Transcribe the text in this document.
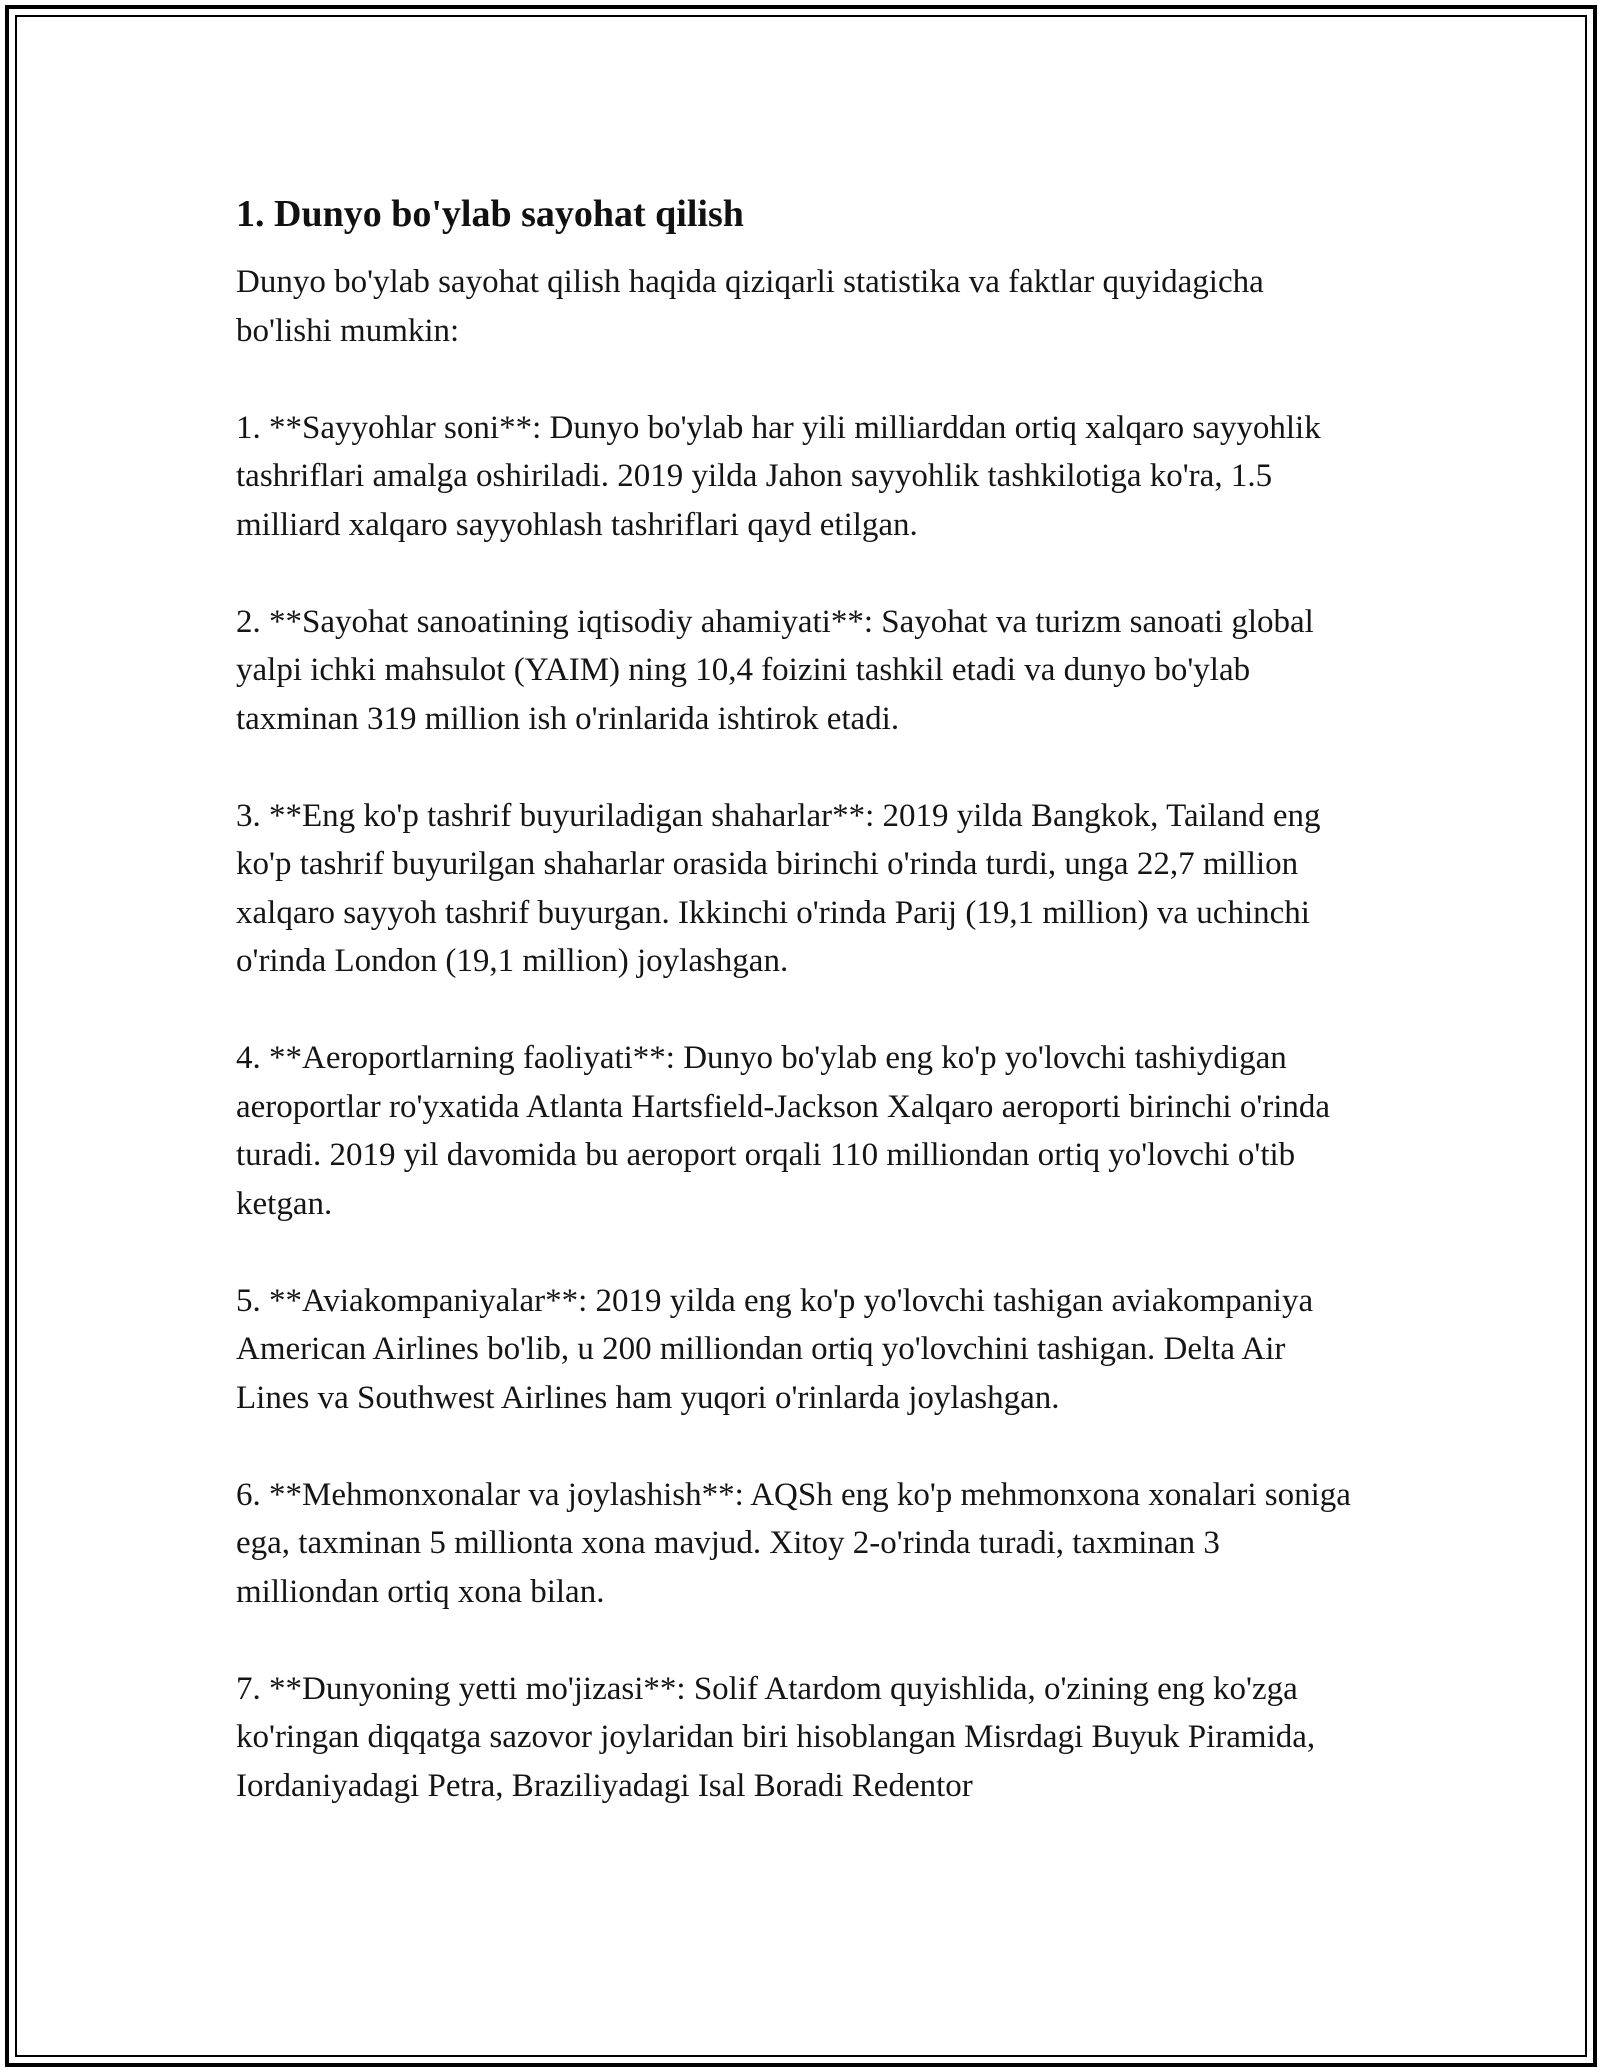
1. Dunyo bo'ylab sayohat qilish

Dunyo bo'ylab sayohat qilish haqida qiziqarli statistika va faktlar quyidagicha bo'lishi mumkin:

1. **Sayyohlar soni**: Dunyo bo'ylab har yili milliarddan ortiq xalqaro sayyohlik tashriflari amalga oshiriladi. 2019 yilda Jahon sayyohlik tashkilotiga ko'ra, 1.5 milliard xalqaro sayyohlash tashriflari qayd etilgan.

2. **Sayohat sanoatining iqtisodiy ahamiyati**: Sayohat va turizm sanoati global yalpi ichki mahsulot (YAIM) ning 10,4 foizini tashkil etadi va dunyo bo'ylab taxminan 319 million ish o'rinlarida ishtirok etadi.

3. **Eng ko'p tashrif buyuriladigan shaharlar**: 2019 yilda Bangkok, Tailand eng ko'p tashrif buyurilgan shaharlar orasida birinchi o'rinda turdi, unga 22,7 million xalqaro sayyoh tashrif buyurgan. Ikkinchi o'rinda Parij (19,1 million) va uchinchi o'rinda London (19,1 million) joylashgan.

4. **Aeroportlarning faoliyati**: Dunyo bo'ylab eng ko'p yo'lovchi tashiydigan aeroportlar ro'yxatida Atlanta Hartsfield-Jackson Xalqaro aeroporti birinchi o'rinda turadi. 2019 yil davomida bu aeroport orqali 110 milliondan ortiq yo'lovchi o'tib ketgan.

5. **Aviakompaniyalar**: 2019 yilda eng ko'p yo'lovchi tashigan aviakompaniya American Airlines bo'lib, u 200 milliondan ortiq yo'lovchini tashigan. Delta Air Lines va Southwest Airlines ham yuqori o'rinlarda joylashgan.

6. **Mehmonxonalar va joylashish**: AQSh eng ko'p mehmonxona xonalari soniga ega, taxminan 5 millionta xona mavjud. Xitoy 2-o'rinda turadi, taxminan 3 milliondan ortiq xona bilan.

7. **Dunyoning yetti mo'jizasi**: Solif Atardom quyishlida, o'zining eng ko'zga ko'ringan diqqatga sazovor joylaridan biri hisoblangan Misrdagi Buyuk Piramida, Iordaniyadagi Petra, Braziliyadagi Isal Boradi Redentor
